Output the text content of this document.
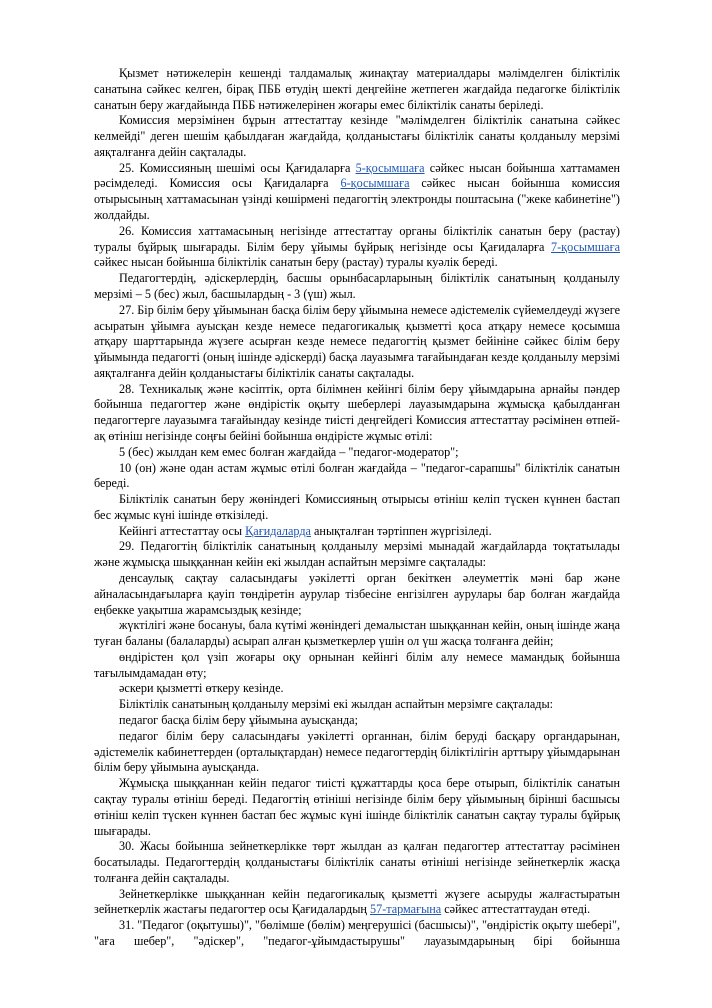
Қызмет нәтижелерін кешенді талдамалық жинақтау материалдары мәлімделген біліктілік санатына сәйкес келген, бірақ ПББ өтудің шекті деңгейіне жетпеген жағдайда педагогке біліктілік санатын беру жағдайында ПББ нәтижелерінен жоғары емес біліктілік санаты беріледі.

Комиссия мерзімінен бұрын аттестаттау кезінде "мәлімделген біліктілік санатына сәйкес келмейді" деген шешім қабылдаған жағдайда, қолданыстағы біліктілік санаты қолданылу мерзімі аяқталғанға дейін сақталады.

25. Комиссияның шешімі осы Қағидаларға 5-қосымшаға сәйкес нысан бойынша хаттамамен рәсімделеді. Комиссия осы Қағидаларға 6-қосымшаға сәйкес нысан бойынша комиссия отырысының хаттамасынан үзінді көшірмені педагогтің электронды поштасына ("жеке кабинетіне") жолдайды.

26. Комиссия хаттамасының негізінде аттестаттау органы біліктілік санатын беру (растау) туралы бұйрық шығарады. Білім беру ұйымы бұйрық негізінде осы Қағидаларға 7-қосымшаға сәйкес нысан бойынша біліктілік санатын беру (растау) туралы куәлік береді.

Педагогтердің, әдіскерлердің, басшы орынбасарларының біліктілік санатының қолданылу мерзімі – 5 (бес) жыл, басшылардың - 3 (үш) жыл.

27. Бір білім беру ұйымынан басқа білім беру ұйымына немесе әдістемелік сүйемелдеуді жүзеге асыратын ұйымға ауысқан кезде немесе педагогикалық қызметті қоса атқару немесе қосымша атқару шарттарында жүзеге асырған кезде немесе педагогтің қызмет бейініне сәйкес білім беру ұйымында педагогті (оның ішінде әдіскерді) басқа лауазымға тағайындаған кезде қолданылу мерзімі аяқталғанға дейін қолданыстағы біліктілік санаты сақталады.

28. Техникалық және кәсіптік, орта білімнен кейінгі білім беру ұйымдарына арнайы пәндер бойынша педагогтер және өндірістік оқыту шеберлері лауазымдарына жұмысқа қабылданған педагогтерге лауазымға тағайындау кезінде тиісті деңгейдегі Комиссия аттестаттау рәсімінен өтпей-ақ өтініш негізінде соңғы бейіні бойынша өндірісте жұмыс өтілі:

5 (бес) жылдан кем емес болған жағдайда – "педагог-модератор";

10 (он) және одан астам жұмыс өтілі болған жағдайда – "педагог-сарапшы" біліктілік санатын береді.

Біліктілік санатын беру жөніндегі Комиссияның отырысы өтініш келіп түскен күннен бастап бес жұмыс күні ішінде өткізіледі.

Кейінгі аттестаттау осы Қағидаларда анықталған тәртіппен жүргізіледі.

29. Педагогтің біліктілік санатының қолданылу мерзімі мынадай жағдайларда тоқтатылады және жұмысқа шыққаннан кейін екі жылдан аспайтын мерзімге сақталады:

денсаулық сақтау саласындағы уәкілетті орган бекіткен әлеуметтік мәні бар және айналасындағыларға қауіп төндіретін аурулар тізбесіне енгізілген аурулары бар болған жағдайда еңбекке уақытша жарамсыздық кезінде;

жүктілігі және босануы, бала күтімі жөніндегі демалыстан шыққаннан кейін, оның ішінде жаңа туған баланы (балаларды) асырап алған қызметкерлер үшін ол үш жасқа толғанға дейін;

өндірістен қол үзіп жоғары оқу орнынан кейінгі білім алу немесе мамандық бойынша тағылымдамадан өту;

әскери қызметті өткеру кезінде.

Біліктілік санатының қолданылу мерзімі екі жылдан аспайтын мерзімге сақталады:

педагог басқа білім беру ұйымына ауысқанда;

педагог білім беру саласындағы уәкілетті органнан, білім беруді басқару органдарынан, әдістемелік кабинеттерден (орталықтардан) немесе педагогтердің біліктілігін арттыру ұйымдарынан білім беру ұйымына ауысқанда.

Жұмысқа шыққаннан кейін педагог тиісті құжаттарды қоса бере отырып, біліктілік санатын сақтау туралы өтініш береді. Педагогтің өтініші негізінде білім беру ұйымының бірінші басшысы өтініш келіп түскен күннен бастап бес жұмыс күні ішінде біліктілік санатын сақтау туралы бұйрық шығарады.

30. Жасы бойынша зейнеткерлікке төрт жылдан аз қалған педагогтер аттестаттау рәсімінен босатылады. Педагогтердің қолданыстағы біліктілік санаты өтініші негізінде зейнеткерлік жасқа толғанға дейін сақталады.

Зейнеткерлікке шыққаннан кейін педагогикалық қызметті жүзеге асыруды жалғастыратын зейнеткерлік жастағы педагогтер осы Қағидалардың 57-тармағына сәйкес аттестаттаудан өтеді.

31. "Педагог (оқытушы)", "бөлімше (бөлім) меңгерушісі (басшысы)", "өндірістік оқыту шебері", "аға шебер", "әдіскер", "педагог-ұйымдастырушы" лауазымдарының бірі бойынша
